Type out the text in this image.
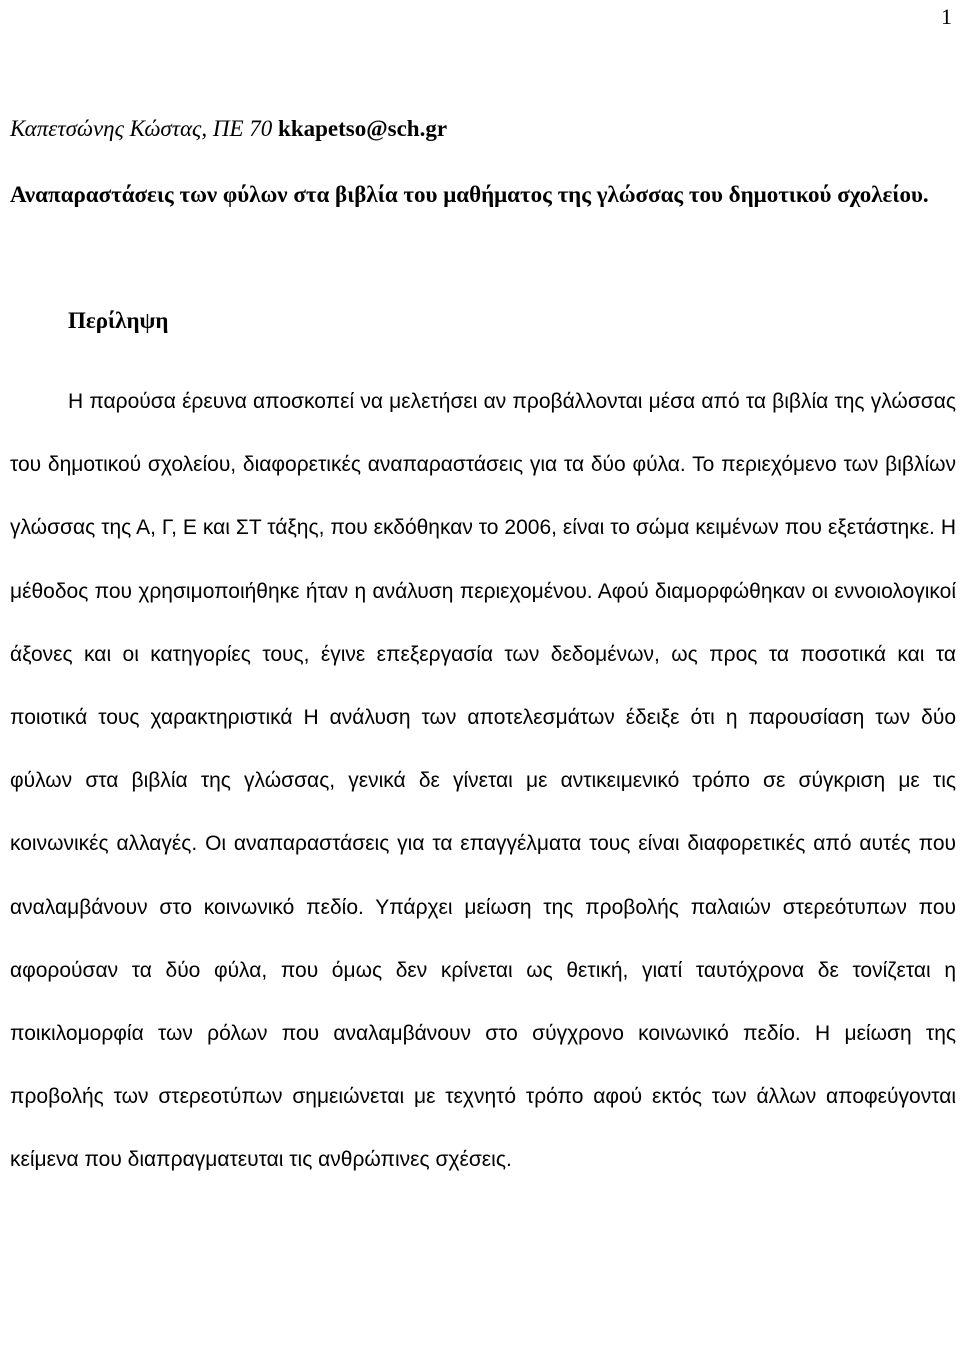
1
Καπετσώνης Κώστας, ΠΕ 70 kkapetso@sch.gr
Αναπαραστάσεις των φύλων στα βιβλία του μαθήματος της γλώσσας του δημοτικού σχολείου.
Περίληψη

Η παρούσα έρευνα αποσκοπεί να μελετήσει αν προβάλλονται μέσα από τα βιβλία της γλώσσας του δημοτικού σχολείου, διαφορετικές αναπαραστάσεις για τα δύο φύλα. Το περιεχόμενο των βιβλίων γλώσσας της Α, Γ, Ε και ΣΤ τάξης, που εκδόθηκαν το 2006, είναι το σώμα κειμένων που εξετάστηκε. Η μέθοδος που χρησιμοποιήθηκε ήταν η ανάλυση περιεχομένου. Αφού διαμορφώθηκαν οι εννοιολογικοί άξονες και οι κατηγορίες τους, έγινε επεξεργασία των δεδομένων, ως προς τα ποσοτικά και τα ποιοτικά τους χαρακτηριστικά Η ανάλυση των αποτελεσμάτων έδειξε ότι η παρουσίαση των δύο φύλων στα βιβλία της γλώσσας, γενικά δε γίνεται με αντικειμενικό τρόπο σε σύγκριση με τις κοινωνικές αλλαγές. Οι αναπαραστάσεις για τα επαγγέλματα τους είναι διαφορετικές από αυτές που αναλαμβάνουν στο κοινωνικό πεδίο. Υπάρχει μείωση της προβολής παλαιών στερεότυπων που αφορούσαν τα δύο φύλα, που όμως δεν κρίνεται ως θετική, γιατί ταυτόχρονα δε τονίζεται η ποικιλομορφία των ρόλων που αναλαμβάνουν στο σύγχρονο κοινωνικό πεδίο. Η μείωση της προβολής των στερεοτύπων σημειώνεται με τεχνητό τρόπο αφού εκτός των άλλων αποφεύγονται κείμενα που διαπραγματευται τις ανθρώπινες σχέσεις.
